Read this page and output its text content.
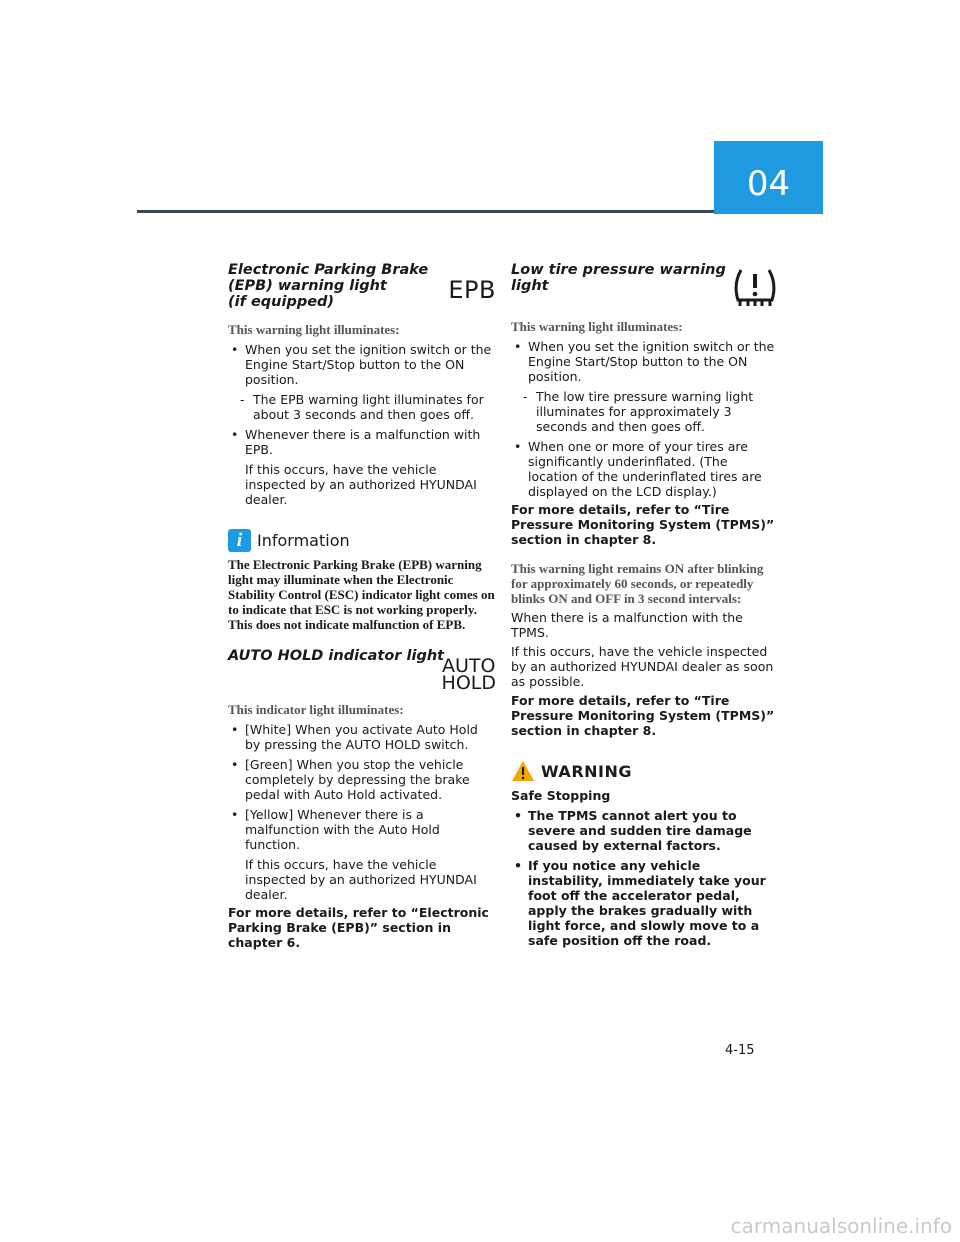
04
Electronic Parking Brake
(EPB) warning light
(if equipped)	EPB

This warning light illuminates:

• When you set the ignition switch or the Engine Start/Stop button to the ON position.
- The EPB warning light illuminates for about 3 seconds and then goes off.
• Whenever there is a malfunction with EPB.

If this occurs, have the vehicle inspected by an authorized HYUNDAI dealer.

i Information

The Electronic Parking Brake (EPB) warning light may illuminate when the Electronic Stability Control (ESC) indicator light comes on to indicate that ESC is not working properly. This does not indicate malfunction of EPB.

AUTO HOLD indicator light
AUTO
HOLD

This indicator light illuminates:

• [White] When you activate Auto Hold by pressing the AUTO HOLD switch.
• [Green] When you stop the vehicle completely by depressing the brake pedal with Auto Hold activated.
• [Yellow] Whenever there is a malfunction with the Auto Hold function.

If this occurs, have the vehicle inspected by an authorized HYUNDAI dealer.

For more details, refer to “Electronic Parking Brake (EPB)” section in chapter 6.

Low tire pressure warning
light

This warning light illuminates:

• When you set the ignition switch or the Engine Start/Stop button to the ON position.
- The low tire pressure warning light illuminates for approximately 3 seconds and then goes off.
• When one or more of your tires are significantly underinflated. (The location of the underinflated tires are displayed on the LCD display.)

For more details, refer to “Tire Pressure Monitoring System (TPMS)” section in chapter 8.

This warning light remains ON after blinking for approximately 60 seconds, or repeatedly blinks ON and OFF in 3 second intervals:

When there is a malfunction with the TPMS.

If this occurs, have the vehicle inspected by an authorized HYUNDAI dealer as soon as possible.

For more details, refer to “Tire Pressure Monitoring System (TPMS)” section in chapter 8.

WARNING

Safe Stopping

• The TPMS cannot alert you to severe and sudden tire damage caused by external factors.
• If you notice any vehicle instability, immediately take your foot off the accelerator pedal, apply the brakes gradually with light force, and slowly move to a safe position off the road.
4-15
carmanualsonline.info
